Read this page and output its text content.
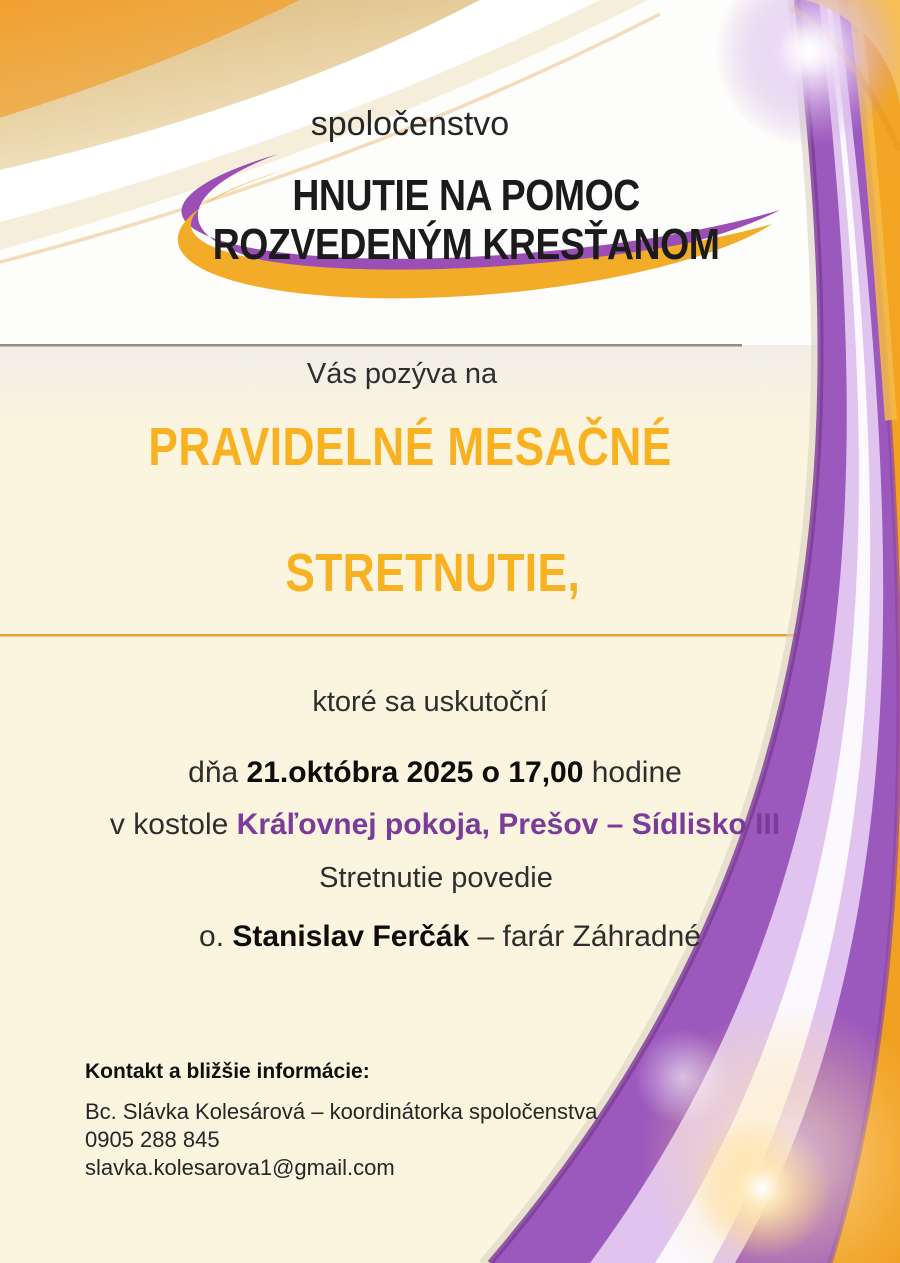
spoločenstvo
HNUTIE NA POMOC
ROZVEDENÝM KRESŤANOM
Vás pozýva na
PRAVIDELNÉ MESAČNÉ
STRETNUTIE,
ktoré sa uskutoční
dňa 21.októbra 2025 o 17,00 hodine
v kostole Kráľovnej pokoja, Prešov – Sídlisko III
Stretnutie povedie
o. Stanislav Ferčák – farár Záhradné
Kontakt a bližšie informácie:
Bc. Slávka Kolesárová – koordinátorka spoločenstva
0905 288 845
slavka.kolesarova1@gmail.com
